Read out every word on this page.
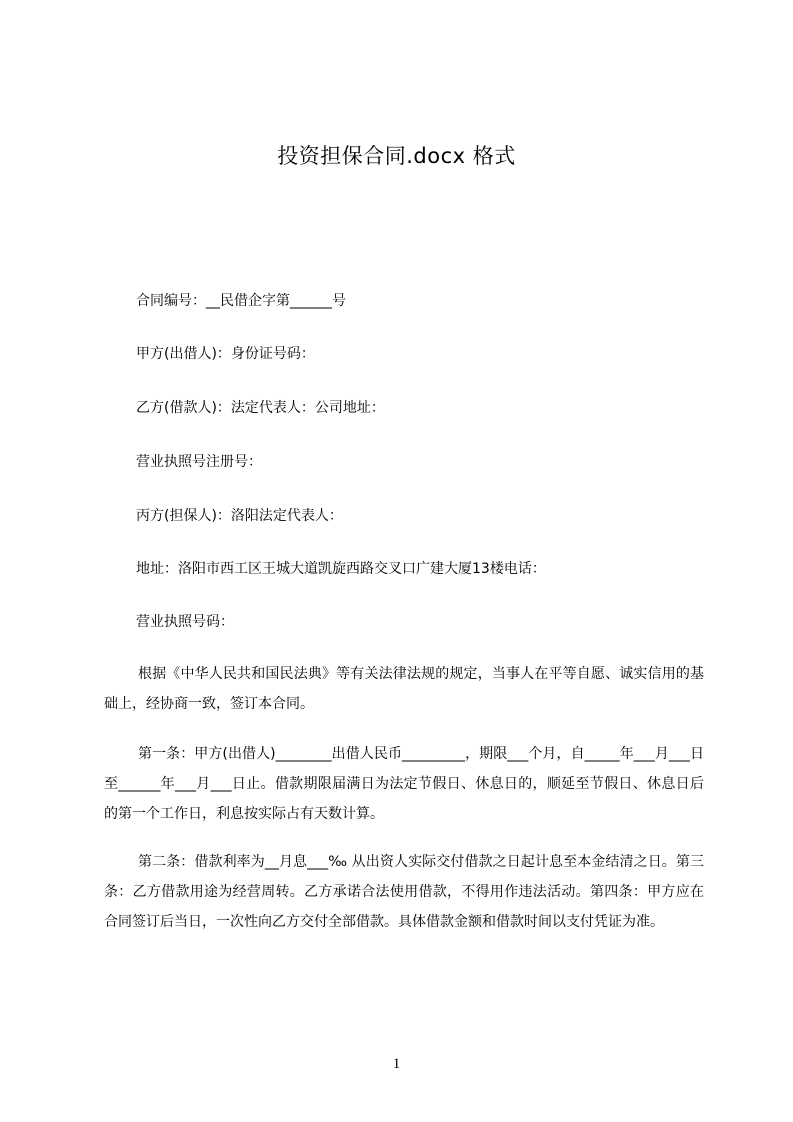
投资担保合同.docx 格式
合同编号：__民借企字第______号
甲方(出借人)：身份证号码：
乙方(借款人)：法定代表人：公司地址：
营业执照号注册号：
丙方(担保人)：洛阳法定代表人：
地址：洛阳市西工区王城大道凯旋西路交叉口广建大厦13楼电话：
营业执照号码：

根据《中华人民共和国民法典》等有关法律法规的规定，当事人在平等自愿、诚实信用的基础上，经协商一致，签订本合同。

第一条：甲方(出借人)________出借人民币_________，期限___个月，自_____年___月___日至______年___月___日止。借款期限届满日为法定节假日、休息日的，顺延至节假日、休息日后的第一个工作日，利息按实际占有天数计算。

第二条：借款利率为__月息___‰ 从出资人实际交付借款之日起计息至本金结清之日。第三条：乙方借款用途为经营周转。乙方承诺合法使用借款，不得用作违法活动。第四条：甲方应在合同签订后当日，一次性向乙方交付全部借款。具体借款金额和借款时间以支付凭证为准。

1
